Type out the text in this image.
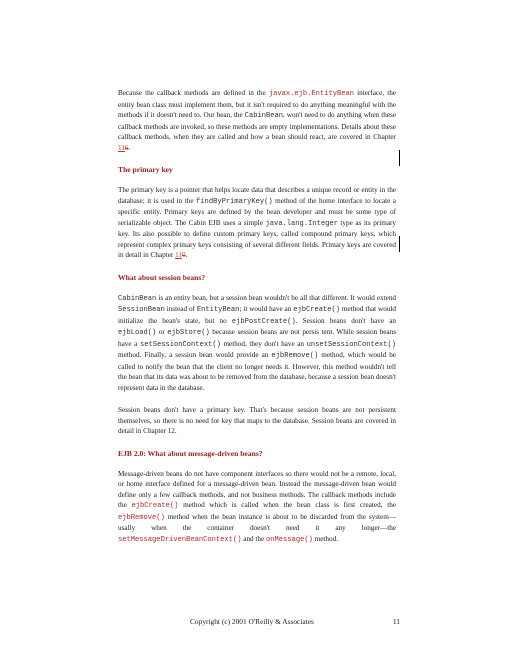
Because the callback methods are defined in the javax.ejb.EntityBean interface, the entity bean class must implement them, but it isn't required to do anything meaningful with the methods if it doesn't need to. Our bean, the CabinBean, won't need to do anything when these callback methods are invoked, so these methods are empty implementations. Details about these callback methods, when they are called and how a bean should react, are covered in Chapter 116.

The primary key

The primary key is a pointer that helps locate data that describes a unique record or entity in the database; it is used in the findByPrimaryKey() method of the home interface to locate a specific entity. Primary keys are defined by the bean developer and must be some type of serializable object. The Cabin EJB uses a simple java.lang.Integer type as its primary key. Its also possible to define custom primary keys, called compound primary keys, which represent complex primary keys consisting of several different fields. Primary keys are covered in detail in Chapter 110.

What about session beans?

CabinBean is an entity bean, but a session bean wouldn't be all that different. It would extend SessionBean instead of EntityBean; it would have an ejbCreate() method that would initialize the bean's state, but no ejbPostCreate(). Session beans don't have an ejbLoad() or ejbStore() because session beans are not persis tent. While session beans have a setSessionContext() method, they don't have an unsetSessionContext() method. Finally, a session bean would provide an ejbRemove() method, which would be called to notify the bean that the client no longer needs it. However, this method wouldn't tell the bean that its data was about to be removed from the database, because a session bean doesn't represent data in the database.

Session beans don't have a primary key. That's because session beans are not persistent themselves, so there is no need for key that maps to the database. Session beans are covered in detail in Chapter 12.

EJB 2.0: What about message-driven beans?

Message-driven beans do not have component interfaces so there would not be a remote, local, or home interface defined for a message-driven bean. Instead the message-driven bean would define only a few callback methods, and not business methods. The callback methods include the ejbCreate() method which is called when the bean class is first created, the ejbRemove() method when the bean instance is about to be discarded from the system—usally when the container doesn't need it any longer—the setMessageDrivenBeanContext() and the onMessage() method.

Copyright (c) 2001 O'Reilly & Associates	11
